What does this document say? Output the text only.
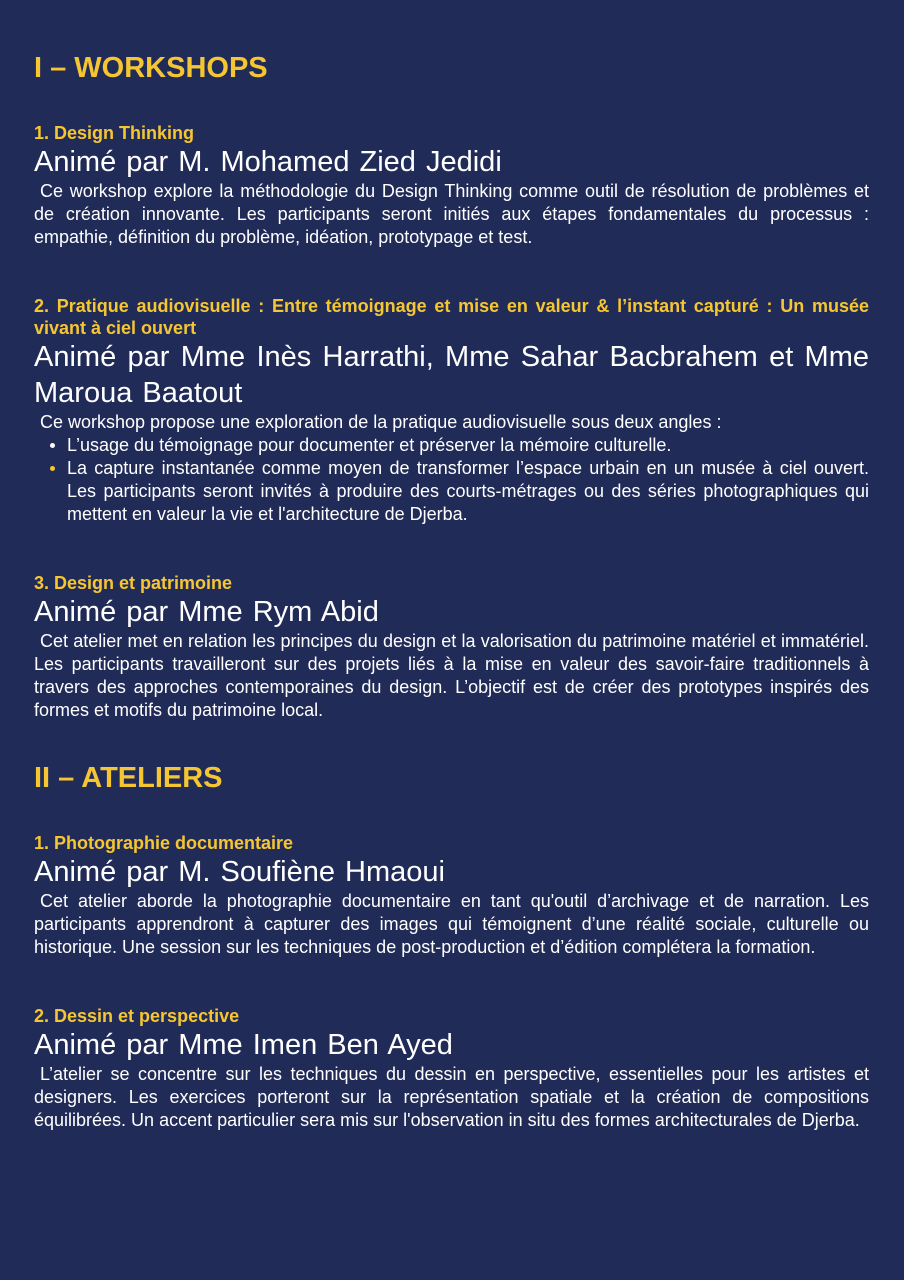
I – WORKSHOPS
1. Design Thinking

Animé par M. Mohamed Zied Jedidi

Ce workshop explore la méthodologie du Design Thinking comme outil de résolution de problèmes et de création innovante. Les participants seront initiés aux étapes fondamentales du processus : empathie, définition du problème, idéation, prototypage et test.

2. Pratique audiovisuelle : Entre témoignage et mise en valeur & l’instant capturé : Un musée vivant à ciel ouvert

Animé par Mme Inès Harrathi, Mme Sahar Bacbrahem et Mme Maroua Baatout

Ce workshop propose une exploration de la pratique audiovisuelle sous deux angles :

L’usage du témoignage pour documenter et préserver la mémoire culturelle.
La capture instantanée comme moyen de transformer l’espace urbain en un musée à ciel ouvert. Les participants seront invités à produire des courts-métrages ou des séries photographiques qui mettent en valeur la vie et l'architecture de Djerba.
3. Design et patrimoine

Animé par Mme Rym Abid

Cet atelier met en relation les principes du design et la valorisation du patrimoine matériel et immatériel. Les participants travailleront sur des projets liés à la mise en valeur des savoir-faire traditionnels à travers des approches contemporaines du design. L’objectif est de créer des prototypes inspirés des formes et motifs du patrimoine local.

II – ATELIERS
1. Photographie documentaire

Animé par M. Soufiène Hmaoui

Cet atelier aborde la photographie documentaire en tant qu'outil d’archivage et de narration. Les participants apprendront à capturer des images qui témoignent d’une réalité sociale, culturelle ou historique. Une session sur les techniques de post-production et d’édition complétera la formation.

2. Dessin et perspective

Animé par Mme Imen Ben Ayed

L’atelier se concentre sur les techniques du dessin en perspective, essentielles pour les artistes et designers. Les exercices porteront sur la représentation spatiale et la création de compositions équilibrées. Un accent particulier sera mis sur l'observation in situ des formes architecturales de Djerba.
